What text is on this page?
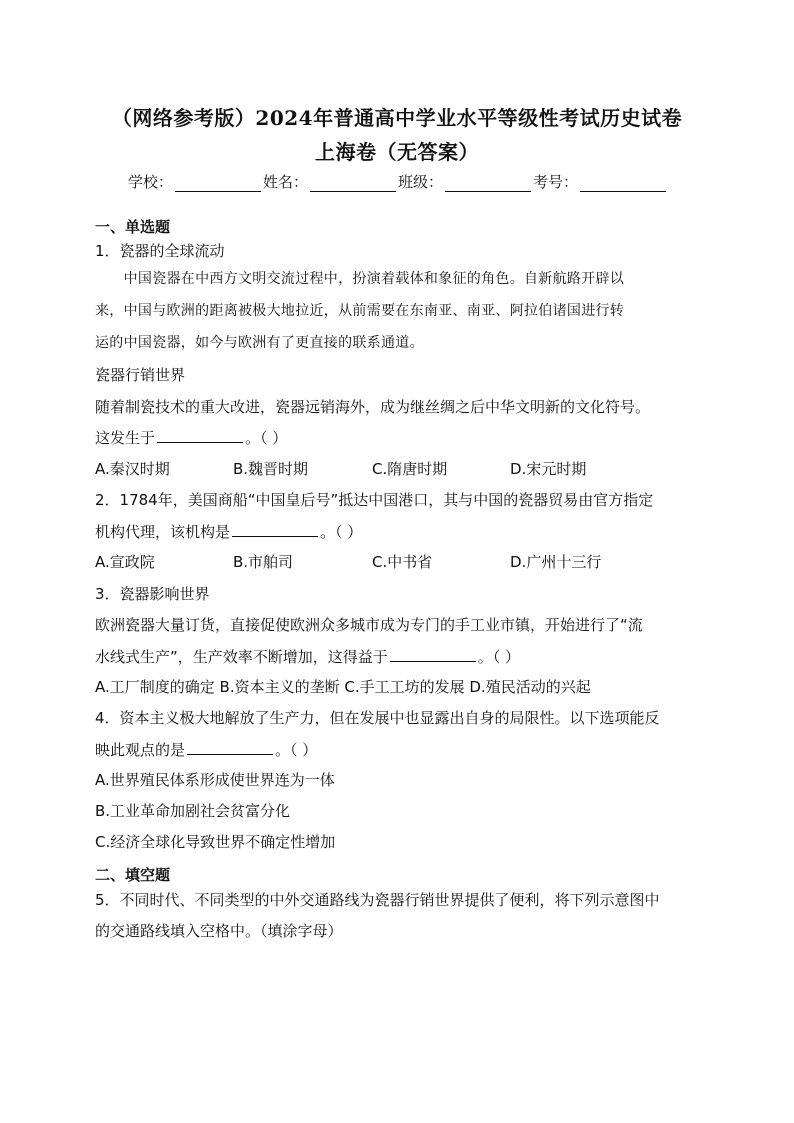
（网络参考版）2024年普通高中学业水平等级性考试历史试卷
上海卷（无答案）
学校：	姓名：	班级：	考号：
一、单选题
1．瓷器的全球流动
　　中国瓷器在中西方文明交流过程中，扮演着载体和象征的角色。自新航路开辟以
来，中国与欧洲的距离被极大地拉近，从前需要在东南亚、南亚、阿拉伯诸国进行转
运的中国瓷器，如今与欧洲有了更直接的联系通道。
瓷器行销世界
随着制瓷技术的重大改进，瓷器远销海外，成为继丝绸之后中华文明新的文化符号。
这发生于	。（ ）
A.秦汉时期	B.魏晋时期	C.隋唐时期	D.宋元时期
2．1784年，美国商船“中国皇后号”抵达中国港口，其与中国的瓷器贸易由官方指定
机构代理，该机构是	。（ ）
A.宣政院	B.市舶司	C.中书省	D.广州十三行
3．瓷器影响世界
欧洲瓷器大量订货，直接促使欧洲众多城市成为专门的手工业市镇，开始进行了“流
水线式生产”，生产效率不断增加，这得益于	。（ ）
A.工厂制度的确定 B.资本主义的垄断 C.手工工坊的发展 D.殖民活动的兴起
4．资本主义极大地解放了生产力，但在发展中也显露出自身的局限性。以下选项能反
映此观点的是	。（ ）
A.世界殖民体系形成使世界连为一体
B.工业革命加剧社会贫富分化
C.经济全球化导致世界不确定性增加
二、填空题
5．不同时代、不同类型的中外交通路线为瓷器行销世界提供了便利，将下列示意图中
的交通路线填入空格中。（填涂字母）
